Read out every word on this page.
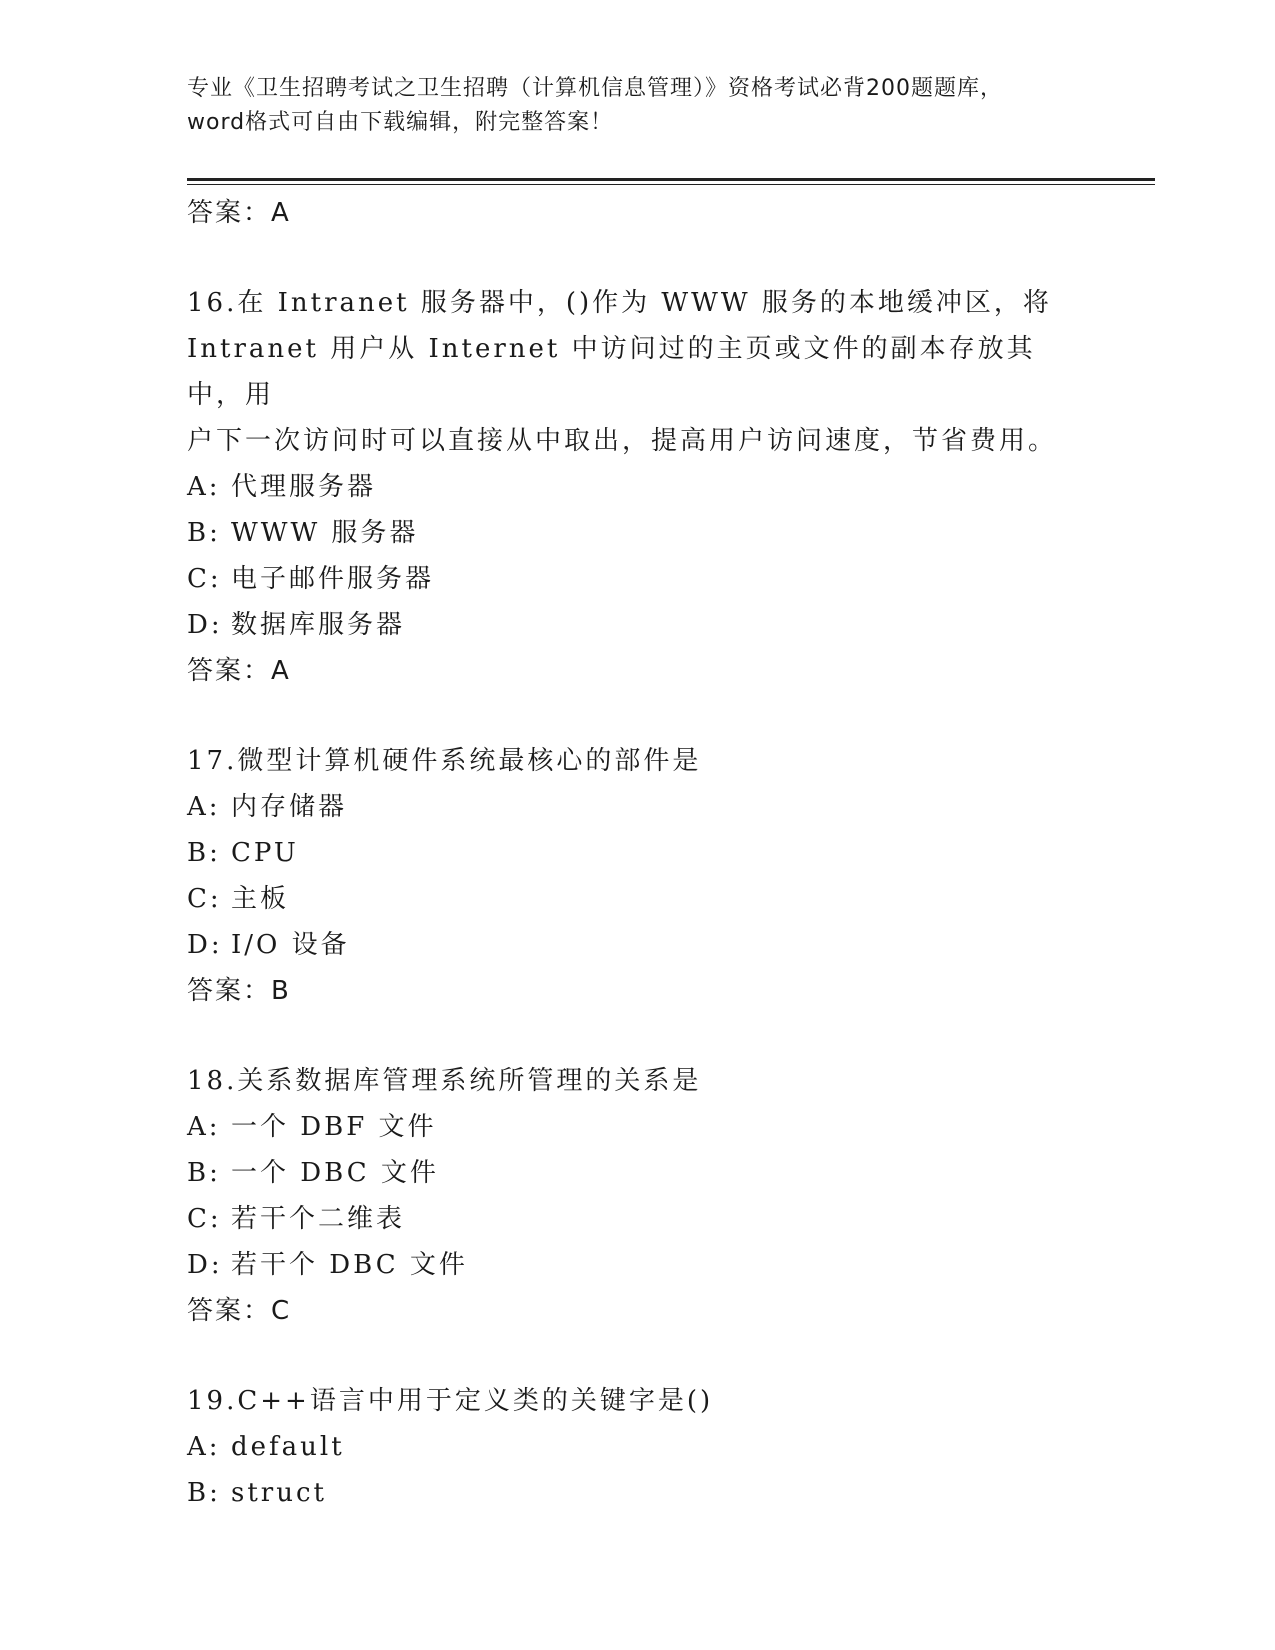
专业《卫生招聘考试之卫生招聘（计算机信息管理）》资格考试必背200题题库，
word格式可自由下载编辑，附完整答案！
答案：A
16.在 Intranet 服务器中，()作为 WWW 服务的本地缓冲区，将
Intranet 用户从 Internet 中访问过的主页或文件的副本存放其中，用
户下一次访问时可以直接从中取出，提高用户访问速度，节省费用。
A: 代理服务器
B: WWW 服务器
C: 电子邮件服务器
D: 数据库服务器
答案：A
17.微型计算机硬件系统最核心的部件是
A: 内存储器
B: CPU
C: 主板
D: I/O 设备
答案：B
18.关系数据库管理系统所管理的关系是
A: 一个 DBF 文件
B: 一个 DBC 文件
C: 若干个二维表
D: 若干个 DBC 文件
答案：C
19.C++语言中用于定义类的关键字是()
A: default
B: struct
